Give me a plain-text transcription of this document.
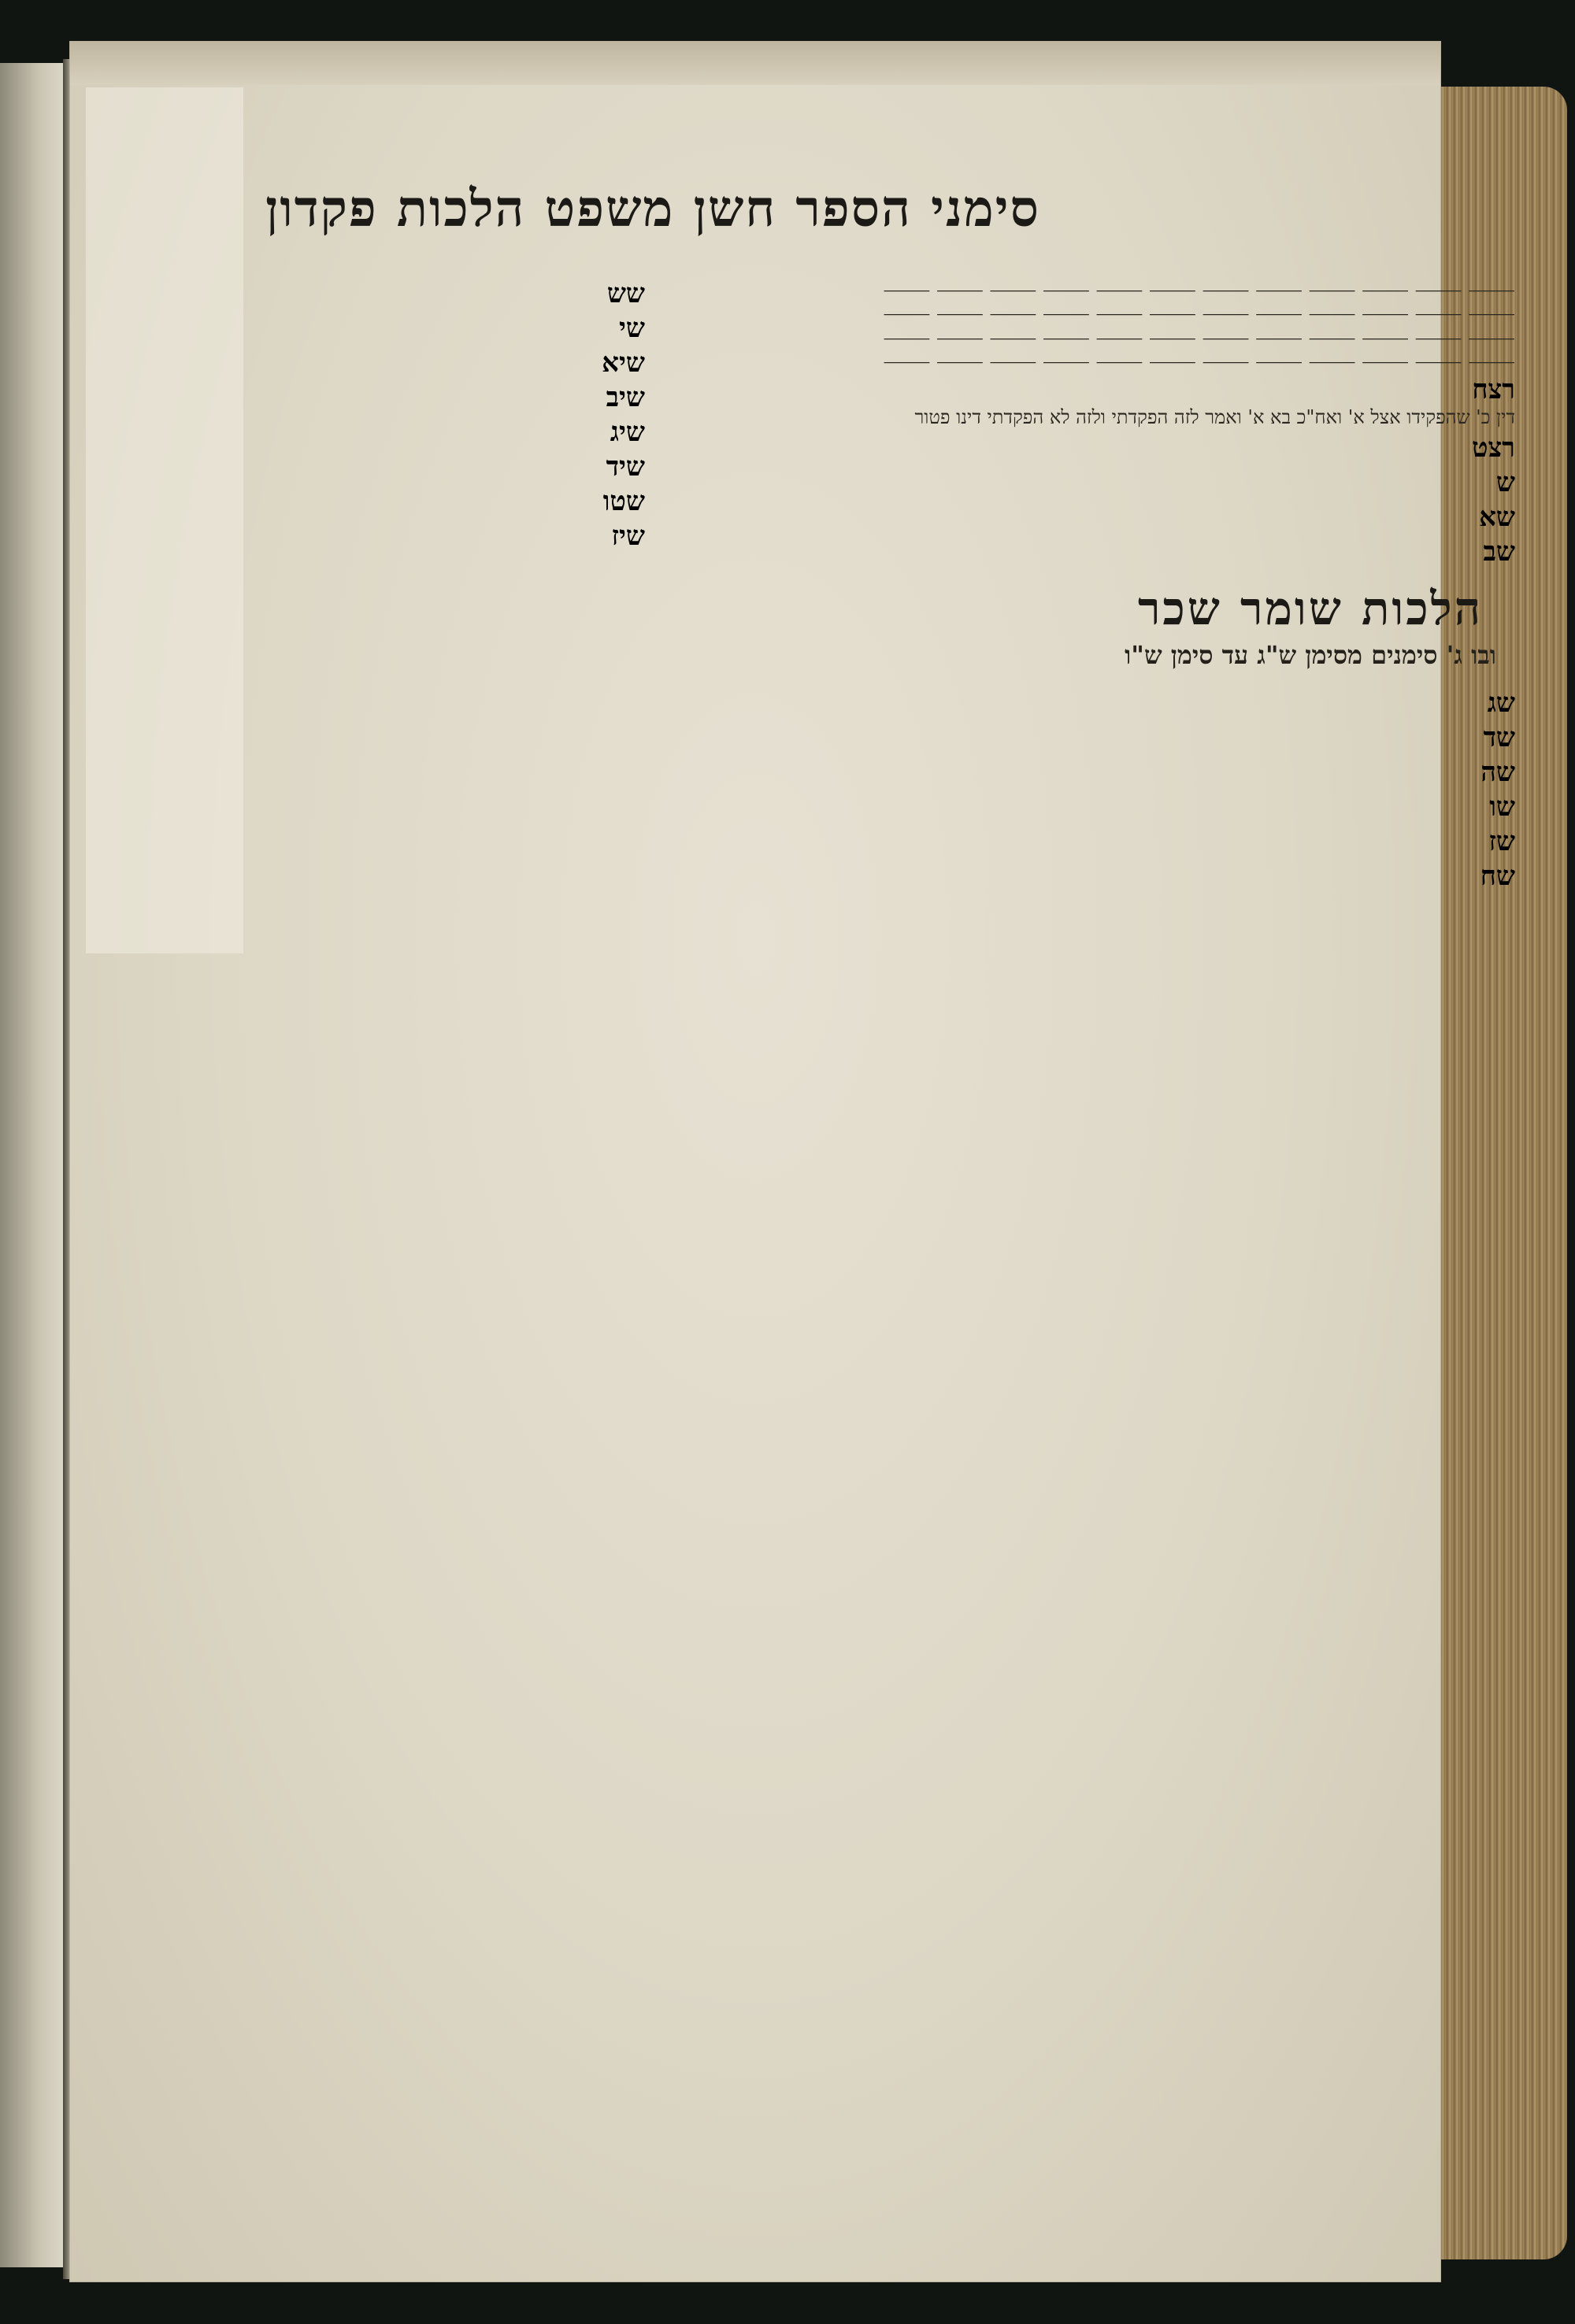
סימני הספר חשן משפט הלכות פקדון
⸻ ⸻ ⸻ ⸻ ⸻ ⸻ ⸻ ⸻ ⸻ ⸻ ⸻ ⸻
⸻ ⸻ ⸻ ⸻ ⸻ ⸻ ⸻ ⸻ ⸻ ⸻ ⸻ ⸻
⸻ ⸻ ⸻ ⸻ ⸻ ⸻ ⸻ ⸻ ⸻ ⸻ ⸻ ⸻
⸻ ⸻ ⸻ ⸻ ⸻ ⸻ ⸻ ⸻ ⸻ ⸻ ⸻ ⸻
רצח דין כ' שהפקידו אצל א' ואח"כ בא א' ואמר לזה הפקדתי ולזה לא הפקדתי דינו פטור
רצט
ש
שא
שב
הלכות שומר שכר
ובו ג' סימנים מסימן ש"ג עד סימן ש"ו
שג
שד
שה
שו
שז
שח
שש
שי
שיא
שיב
שיג
שיד
שטו
שיז
